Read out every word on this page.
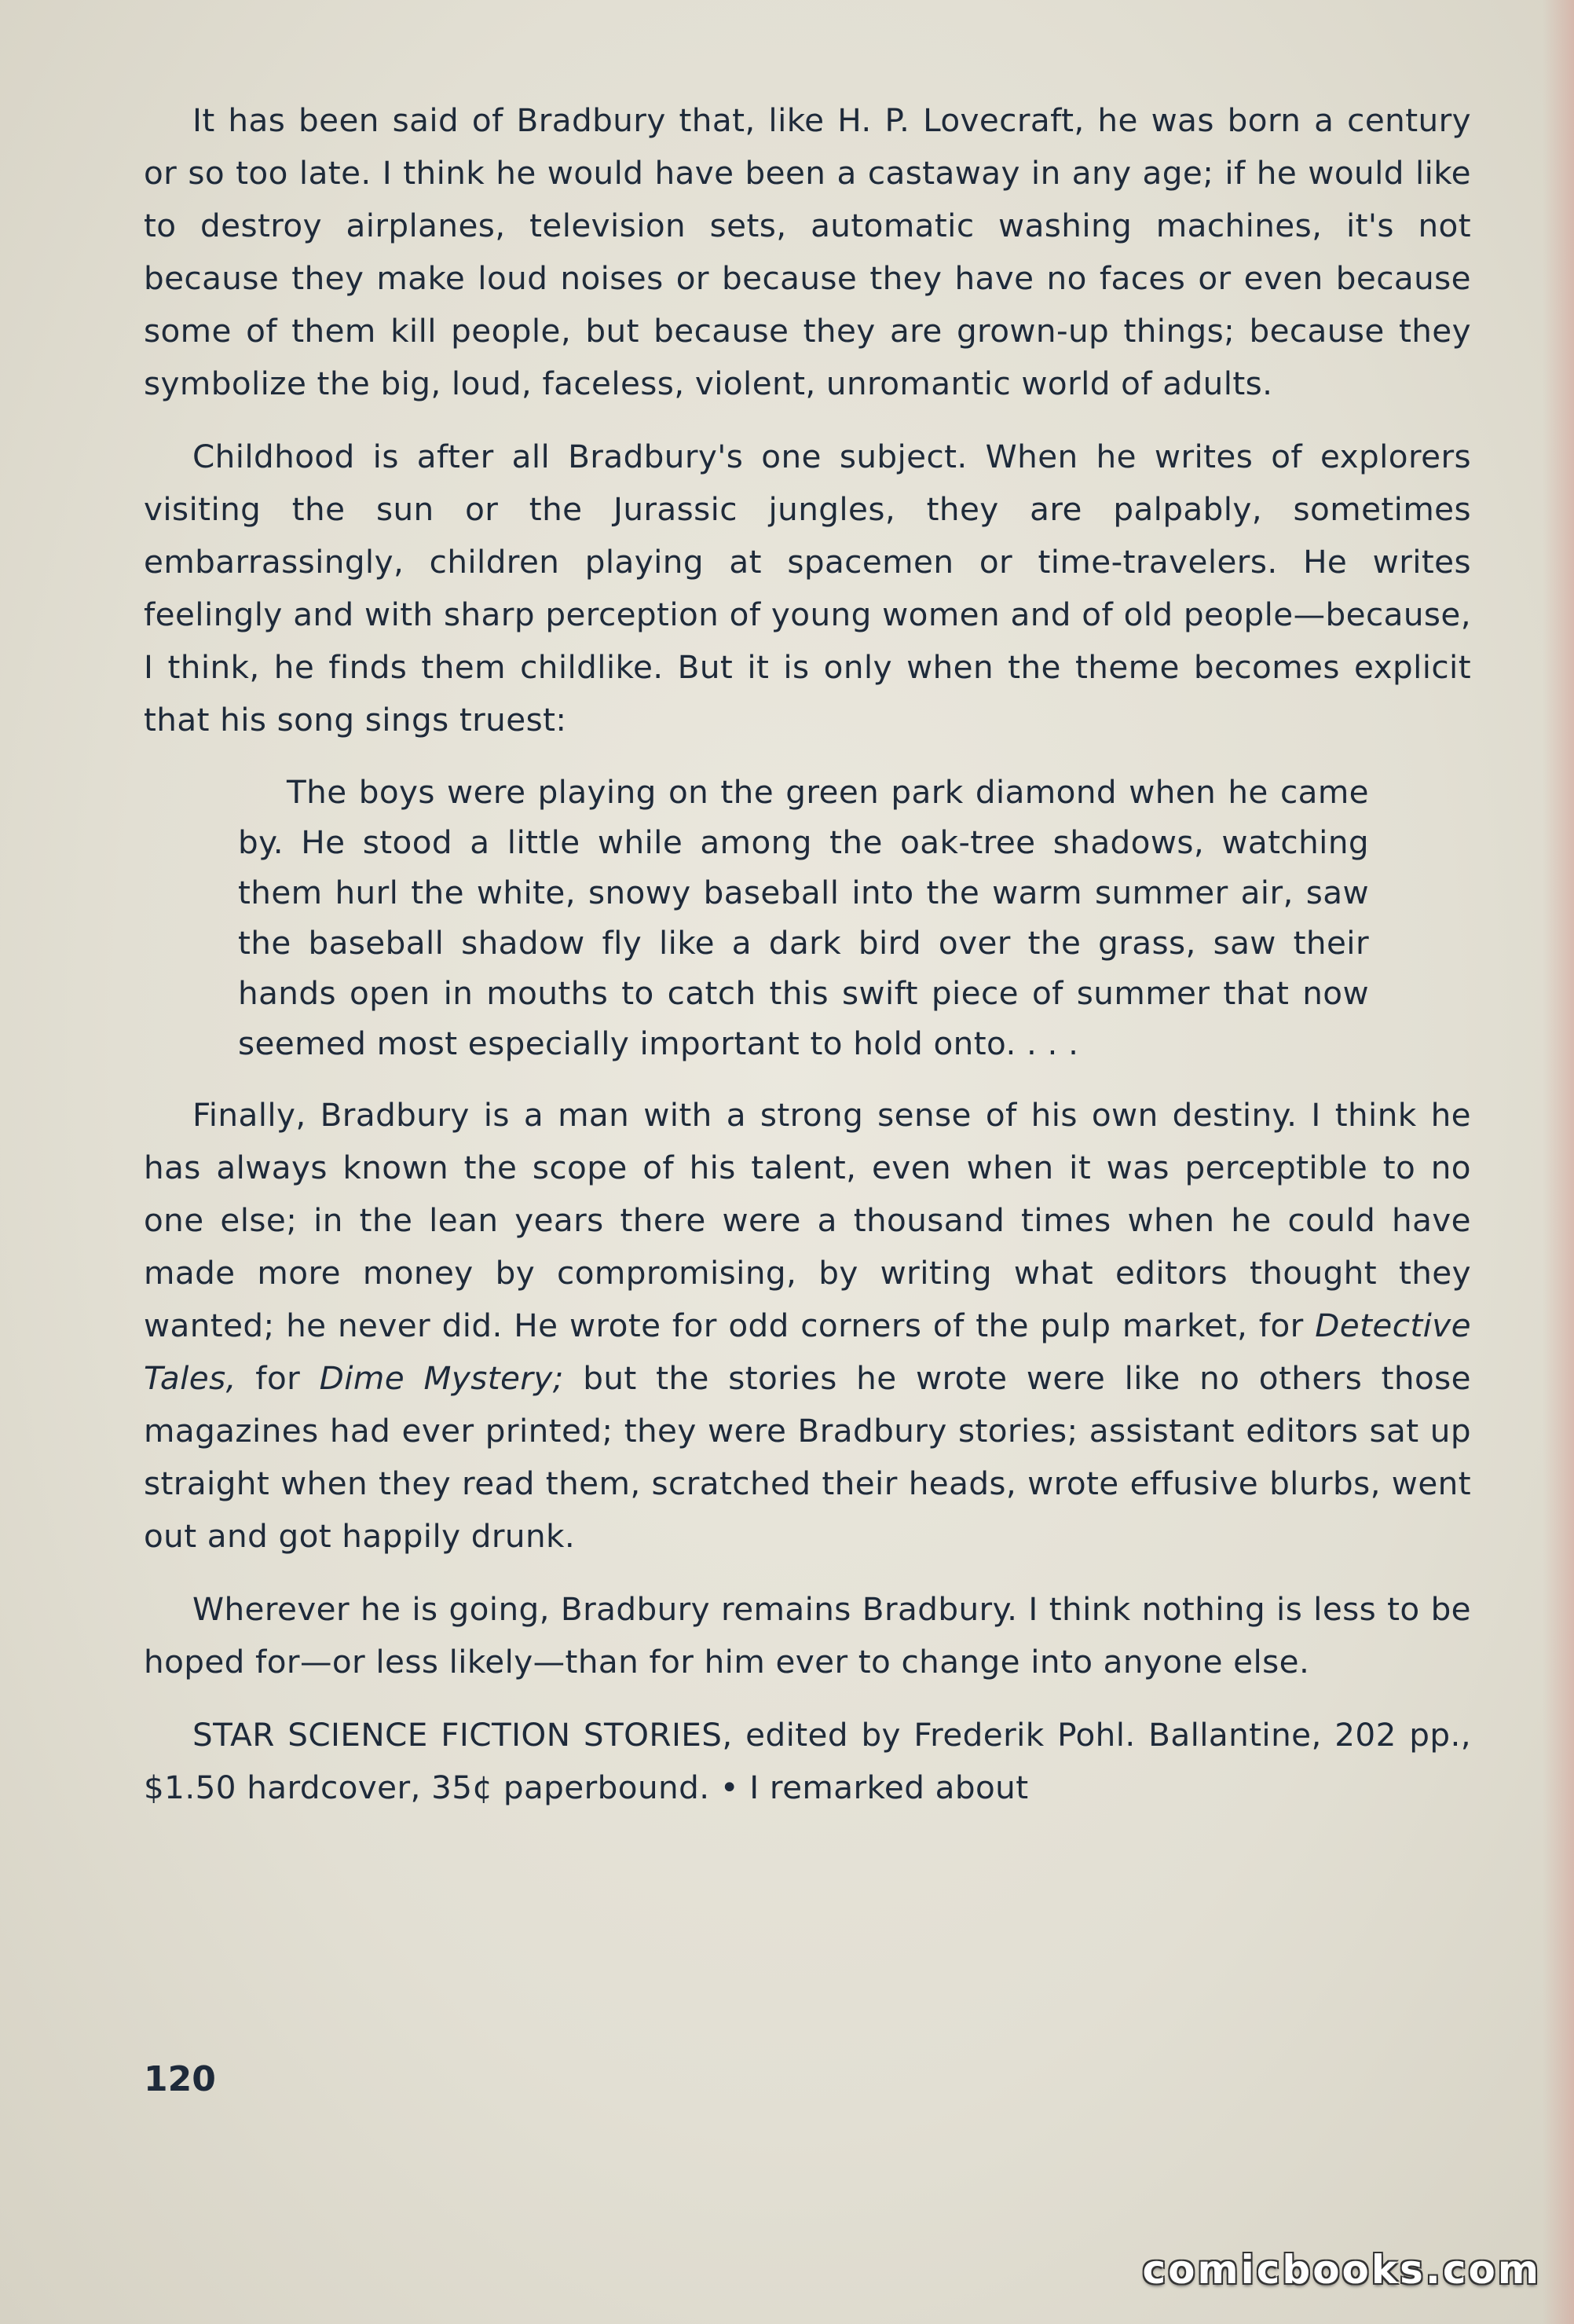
It has been said of Bradbury that, like H. P. Lovecraft, he was born a century or so too late. I think he would have been a castaway in any age; if he would like to destroy airplanes, television sets, automatic washing machines, it's not because they make loud noises or because they have no faces or even because some of them kill people, but because they are grown-up things; because they symbolize the big, loud, faceless, violent, unromantic world of adults.

Childhood is after all Bradbury's one subject. When he writes of explorers visiting the sun or the Jurassic jungles, they are palpably, sometimes embarrassingly, children playing at spacemen or time-travelers. He writes feelingly and with sharp perception of young women and of old people—because, I think, he finds them childlike. But it is only when the theme becomes explicit that his song sings truest:

The boys were playing on the green park diamond when he came by. He stood a little while among the oak-tree shadows, watching them hurl the white, snowy baseball into the warm summer air, saw the baseball shadow fly like a dark bird over the grass, saw their hands open in mouths to catch this swift piece of summer that now seemed most especially important to hold onto. . . .

Finally, Bradbury is a man with a strong sense of his own destiny. I think he has always known the scope of his talent, even when it was perceptible to no one else; in the lean years there were a thousand times when he could have made more money by compromising, by writing what editors thought they wanted; he never did. He wrote for odd corners of the pulp market, for Detective Tales, for Dime Mystery; but the stories he wrote were like no others those magazines had ever printed; they were Bradbury stories; assistant editors sat up straight when they read them, scratched their heads, wrote effusive blurbs, went out and got happily drunk.

Wherever he is going, Bradbury remains Bradbury. I think nothing is less to be hoped for—or less likely—than for him ever to change into anyone else.

STAR SCIENCE FICTION STORIES, edited by Frederik Pohl. Ballantine, 202 pp., $1.50 hardcover, 35¢ paperbound. • I remarked about

120
comicbooks.com
